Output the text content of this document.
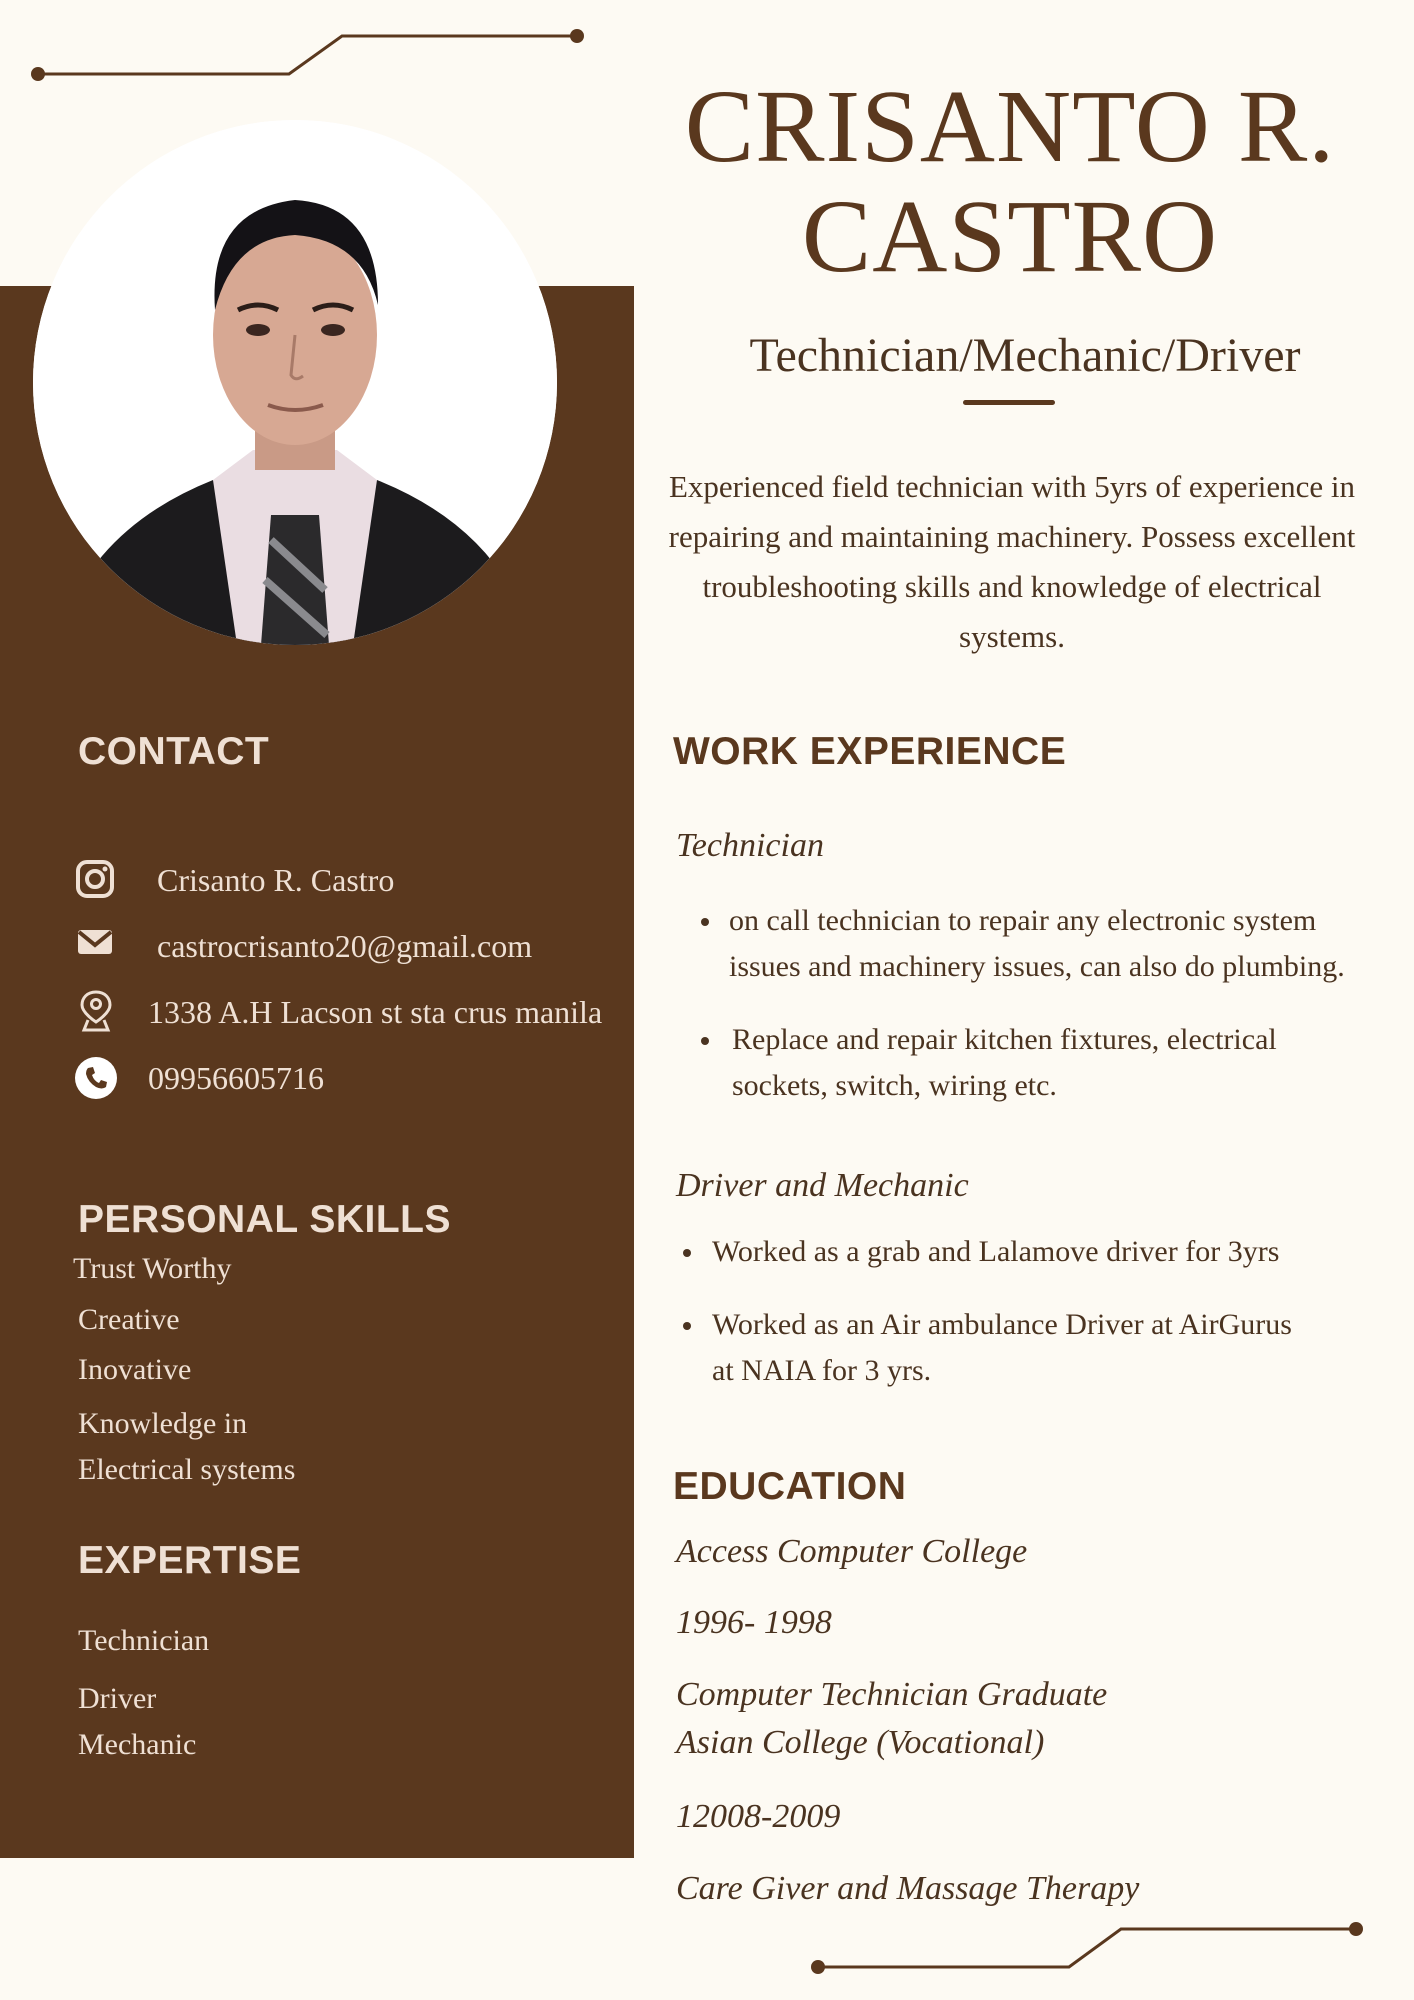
CRISANTO R.
CASTRO
Technician/Mechanic/Driver
Experienced field technician with 5yrs of experience in repairing and maintaining machinery. Possess excellent troubleshooting skills and knowledge of electrical systems.
CONTACT
Crisanto R. Castro
castrocrisanto20@gmail.com
1338 A.H Lacson st sta crus manila
09956605716
PERSONAL SKILLS
Trust Worthy
Creative
Inovative
Knowledge in
Electrical systems
EXPERTISE
Technician
Driver
Mechanic
WORK EXPERIENCE
Technician
on call technician to repair any electronic system
issues and machinery issues, can also do plumbing.
Replace and repair kitchen fixtures, electrical
sockets, switch, wiring etc.
Driver and Mechanic
Worked as a grab and Lalamove driver for 3yrs
Worked as an Air ambulance Driver at AirGurus
at NAIA for 3 yrs.
EDUCATION
Access Computer College
1996- 1998
Computer Technician Graduate
Asian College (Vocational)
12008-2009
Care Giver and Massage Therapy
